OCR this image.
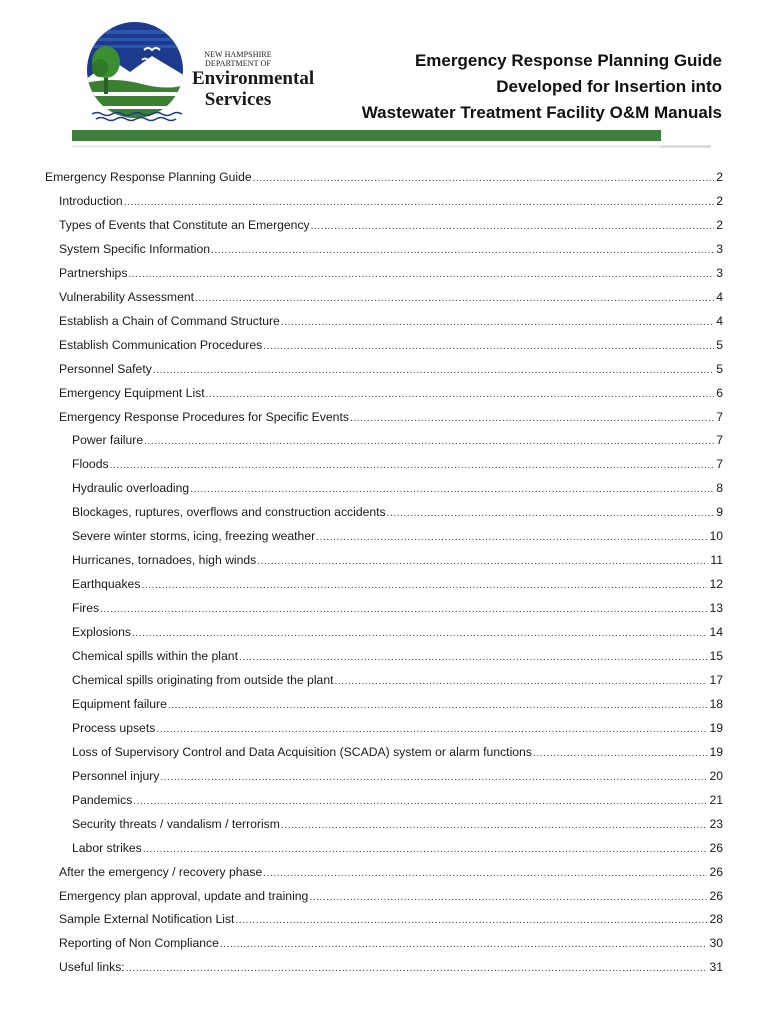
NEW HAMPSHIRE
DEPARTMENT OF
Environmental
Services
Emergency Response Planning Guide
Developed for Insertion into
Wastewater Treatment Facility O&M Manuals
Emergency Response Planning Guide .....	2
Introduction .....	2
Types of Events that Constitute an Emergency .....	2
System Specific Information .....	3
Partnerships .....	3
Vulnerability Assessment .....	4
Establish a Chain of Command Structure .....	4
Establish Communication Procedures .....	5
Personnel Safety .....	5
Emergency Equipment List .....	6
Emergency Response Procedures for Specific Events .....	7
Power failure .....	7
Floods .....	7
Hydraulic overloading .....	8
Blockages, ruptures, overflows and construction accidents .....	9
Severe winter storms, icing, freezing weather .....	10
Hurricanes, tornadoes, high winds .....	11
Earthquakes .....	12
Fires .....	13
Explosions .....	14
Chemical spills within the plant .....	15
Chemical spills originating from outside the plant .....	17
Equipment failure .....	18
Process upsets .....	19
Loss of Supervisory Control and Data Acquisition (SCADA) system or alarm functions .....	19
Personnel injury .....	20
Pandemics .....	21
Security threats / vandalism / terrorism .....	23
Labor strikes .....	26
After the emergency / recovery phase .....	26
Emergency plan approval, update and training .....	26
Sample External Notification List .....	28
Reporting of Non Compliance .....	30
Useful links: .....	31
